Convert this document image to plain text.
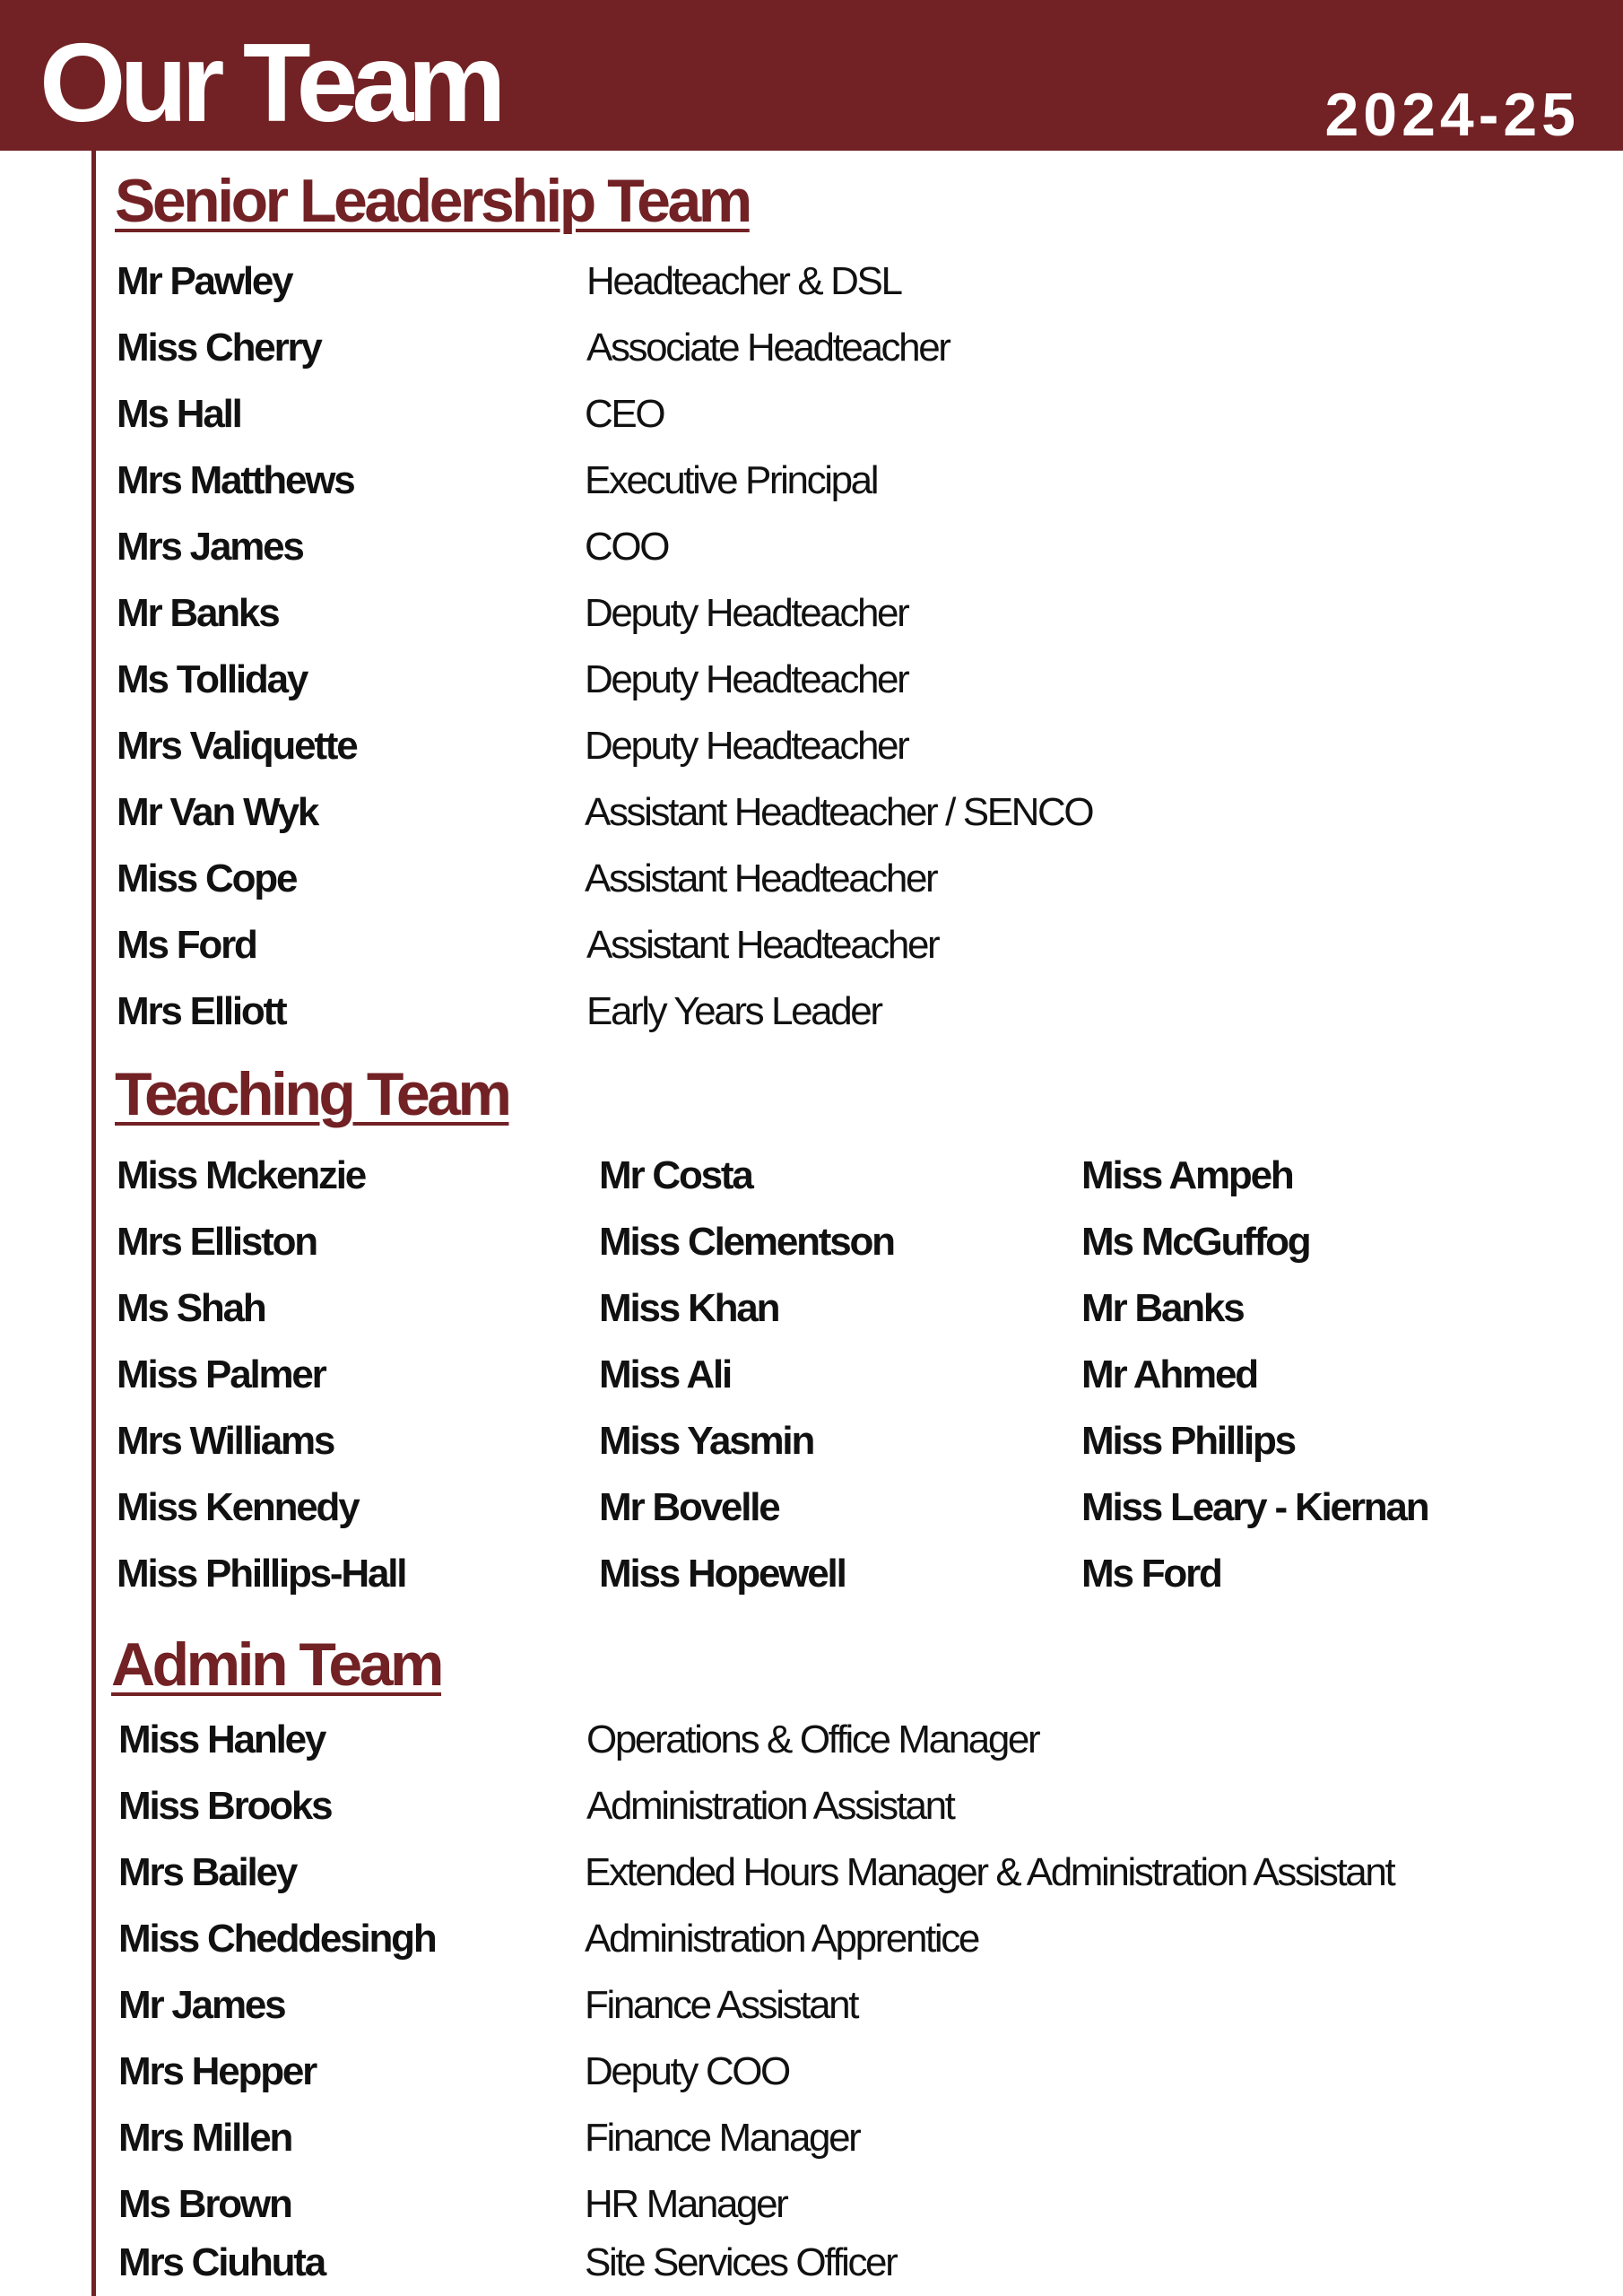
Our Team	2024-25
Senior Leadership Team
Mr Pawley	Headteacher & DSL
Miss Cherry	Associate Headteacher
Ms Hall	CEO
Mrs Matthews	Executive Principal
Mrs James	COO
Mr Banks	Deputy Headteacher
Ms Tolliday	Deputy Headteacher
Mrs Valiquette	Deputy Headteacher
Mr Van Wyk	Assistant Headteacher / SENCO
Miss Cope	Assistant Headteacher
Ms Ford	Assistant Headteacher
Mrs Elliott	Early Years Leader
Teaching Team
Miss Mckenzie	Mr Costa	Miss Ampeh
Mrs Elliston	Miss Clementson	Ms McGuffog
Ms Shah	Miss Khan	Mr Banks
Miss Palmer	Miss Ali	Mr Ahmed
Mrs Williams	Miss Yasmin	Miss Phillips
Miss Kennedy	Mr Bovelle	Miss Leary - Kiernan
Miss Phillips-Hall	Miss Hopewell	Ms Ford
Admin Team
Miss Hanley	Operations & Office Manager
Miss Brooks	Administration Assistant
Mrs Bailey	Extended Hours Manager & Administration Assistant
Miss Cheddesingh	Administration Apprentice
Mr James	Finance Assistant
Mrs Hepper	Deputy COO
Mrs Millen	Finance Manager
Ms Brown	HR Manager
Mrs Ciuhuta	Site Services Officer
